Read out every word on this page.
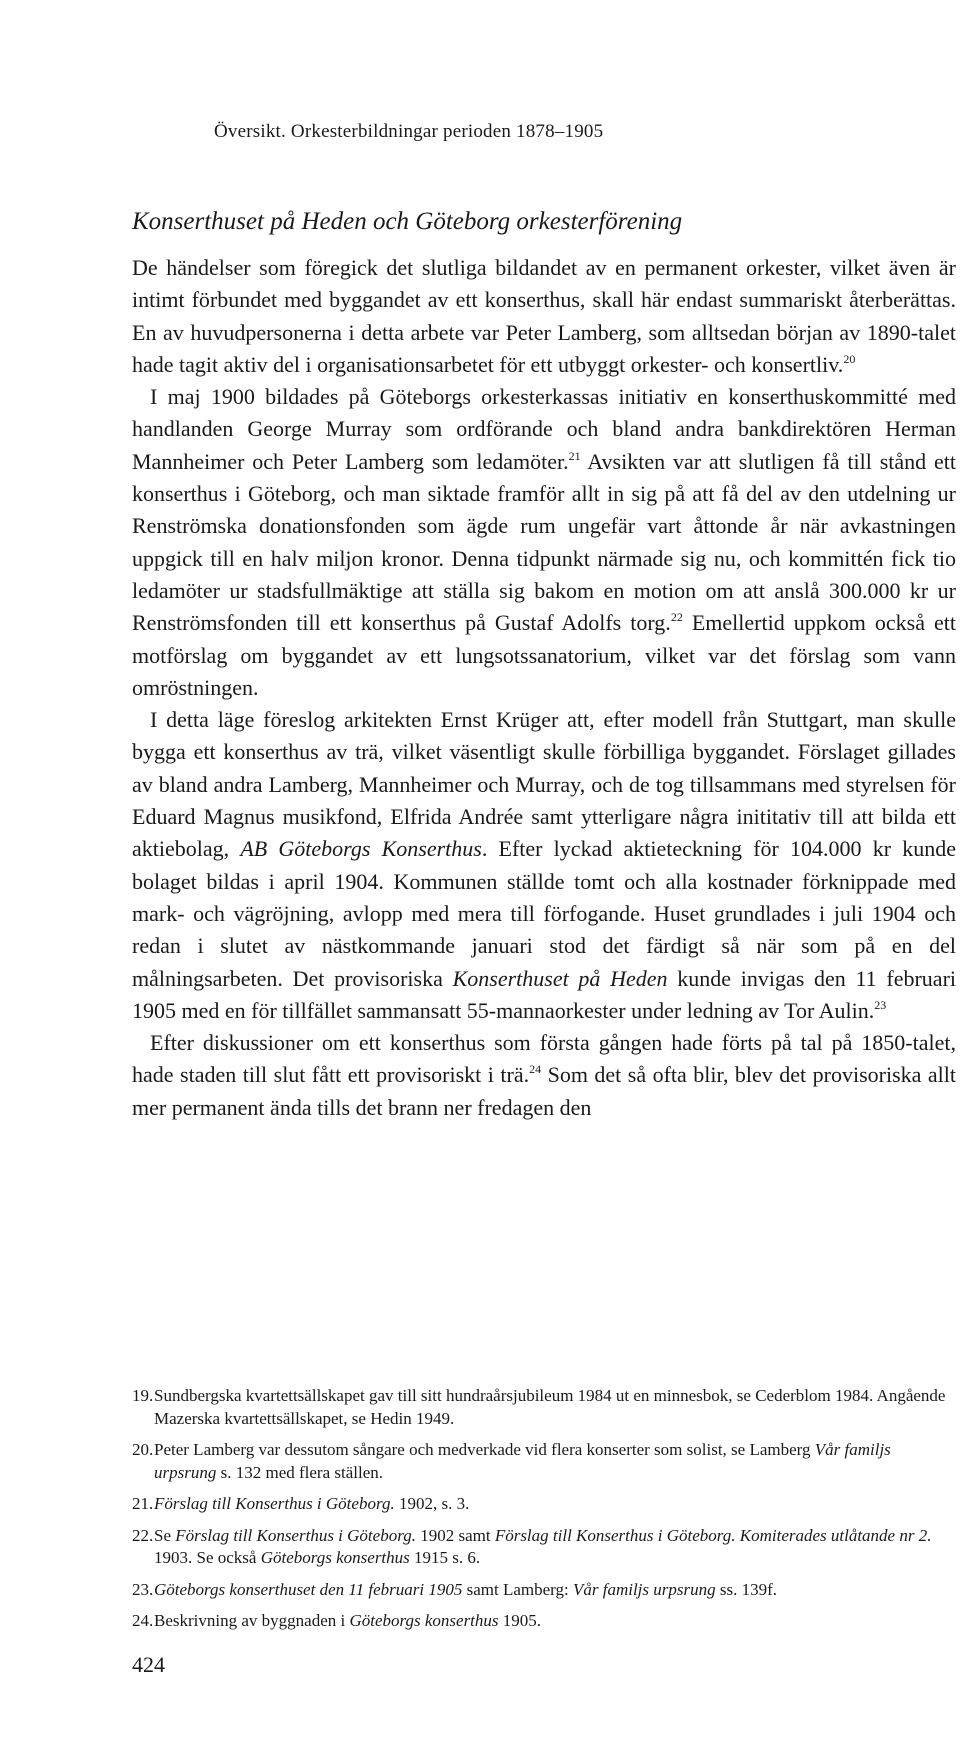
Översikt. Orkesterbildningar perioden 1878–1905
Konserthuset på Heden och Göteborg orkesterförening

De händelser som föregick det slutliga bildandet av en permanent orkester, vilket även är intimt förbundet med byggandet av ett konserthus, skall här endast summariskt återberättas. En av huvudpersonerna i detta arbete var Peter Lamberg, som alltsedan början av 1890-talet hade tagit aktiv del i organisationsarbetet för ett utbyggt orkester- och konsertliv.$^{20}$

I maj 1900 bildades på Göteborgs orkesterkassas initiativ en konserthuskommitté med handlanden George Murray som ordförande och bland andra bankdirektören Herman Mannheimer och Peter Lamberg som ledamöter.$^{21}$ Avsikten var att slutligen få till stånd ett konserthus i Göteborg, och man siktade framför allt in sig på att få del av den utdelning ur Renströmska donationsfonden som ägde rum ungefär vart åttonde år när avkastningen uppgick till en halv miljon kronor. Denna tidpunkt närmade sig nu, och kommittén fick tio ledamöter ur stadsfullmäktige att ställa sig bakom en motion om att anslå 300.000 kr ur Renströmsfonden till ett konserthus på Gustaf Adolfs torg.$^{22}$ Emellertid uppkom också ett motförslag om byggandet av ett lungsotssanatorium, vilket var det förslag som vann omröstningen.

I detta läge föreslog arkitekten Ernst Krüger att, efter modell från Stuttgart, man skulle bygga ett konserthus av trä, vilket väsentligt skulle förbilliga byggandet. Förslaget gillades av bland andra Lamberg, Mannheimer och Murray, och de tog tillsammans med styrelsen för Eduard Magnus musikfond, Elfrida Andrée samt ytterligare några inititativ till att bilda ett aktiebolag, AB Göteborgs Konserthus. Efter lyckad aktieteckning för 104.000 kr kunde bolaget bildas i april 1904. Kommunen ställde tomt och alla kostnader förknippade med mark- och vägröjning, avlopp med mera till förfogande. Huset grundlades i juli 1904 och redan i slutet av nästkommande januari stod det färdigt så när som på en del målningsarbeten. Det provisoriska Konserthuset på Heden kunde invigas den 11 februari 1905 med en för tillfället sammansatt 55-mannaorkester under ledning av Tor Aulin.$^{23}$

Efter diskussioner om ett konserthus som första gången hade förts på tal på 1850-talet, hade staden till slut fått ett provisoriskt i trä.$^{24}$ Som det så ofta blir, blev det provisoriska allt mer permanent ända tills det brann ner fredagen den

19. Sundbergska kvartettsällskapet gav till sitt hundraårsjubileum 1984 ut en minnesbok, se Cederblom 1984. Angående Mazerska kvartettsällskapet, se Hedin 1949.
20. Peter Lamberg var dessutom sångare och medverkade vid flera konserter som solist, se Lamberg Vår familjs urpsrung s. 132 med flera ställen.
21. Förslag till Konserthus i Göteborg. 1902, s. 3.
22. Se Förslag till Konserthus i Göteborg. 1902 samt Förslag till Konserthus i Göteborg. Komiterades utlåtande nr 2. 1903. Se också Göteborgs konserthus 1915 s. 6.
23. Göteborgs konserthuset den 11 februari 1905 samt Lamberg: Vår familjs urpsrung ss. 139f.
24. Beskrivning av byggnaden i Göteborgs konserthus 1905.
424
